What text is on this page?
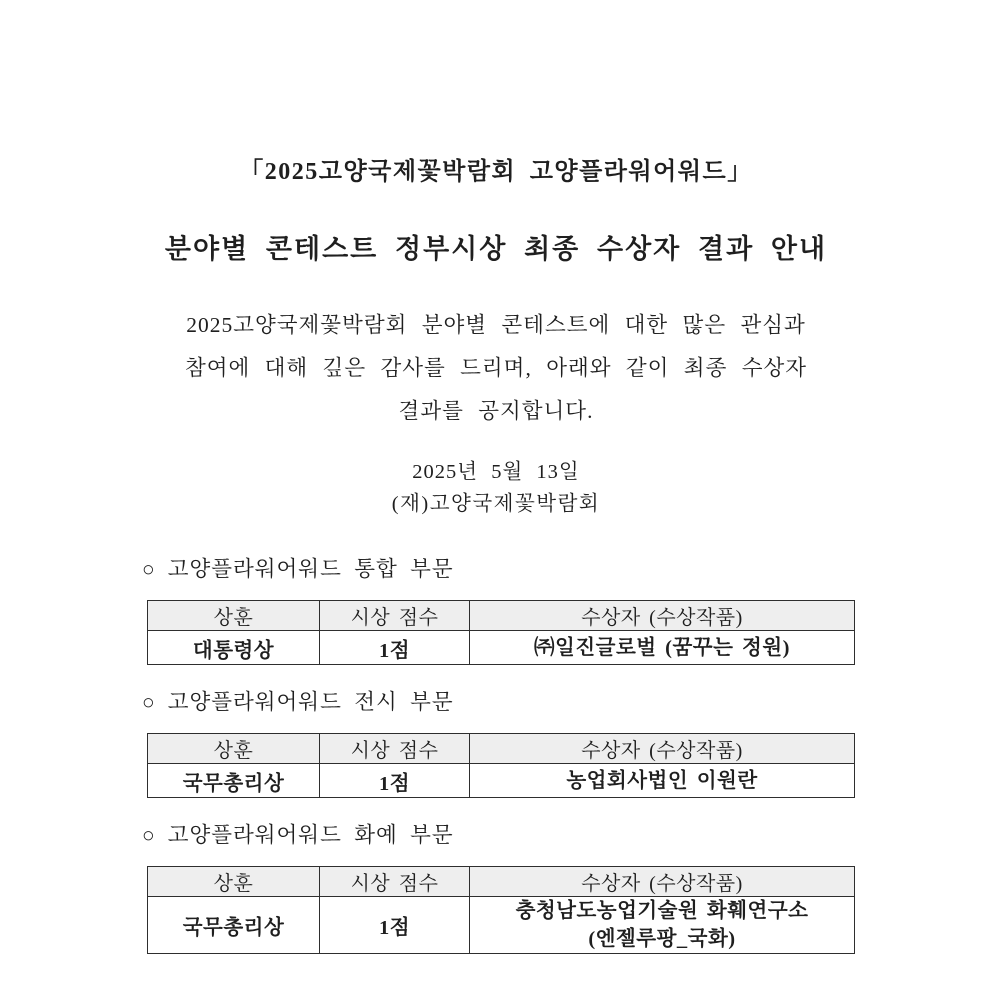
「2025고양국제꽃박람회 고양플라워어워드」
분야별 콘테스트 정부시상 최종 수상자 결과 안내
2025고양국제꽃박람회 분야별 콘테스트에 대한 많은 관심과
참여에 대해 깊은 감사를 드리며, 아래와 같이 최종 수상자
결과를 공지합니다.
2025년 5월 13일
(재)고양국제꽃박람회
○ 고양플라워어워드 통합 부문
상훈	시상 점수	수상자 (수상작품)
대통령상	1점	㈜일진글로벌 (꿈꾸는 정원)
○ 고양플라워어워드 전시 부문
상훈	시상 점수	수상자 (수상작품)
국무총리상	1점	농업회사법인 이원란
○ 고양플라워어워드 화예 부문
상훈	시상 점수	수상자 (수상작품)
국무총리상	1점	충청남도농업기술원 화훼연구소
(엔젤루팡_국화)
